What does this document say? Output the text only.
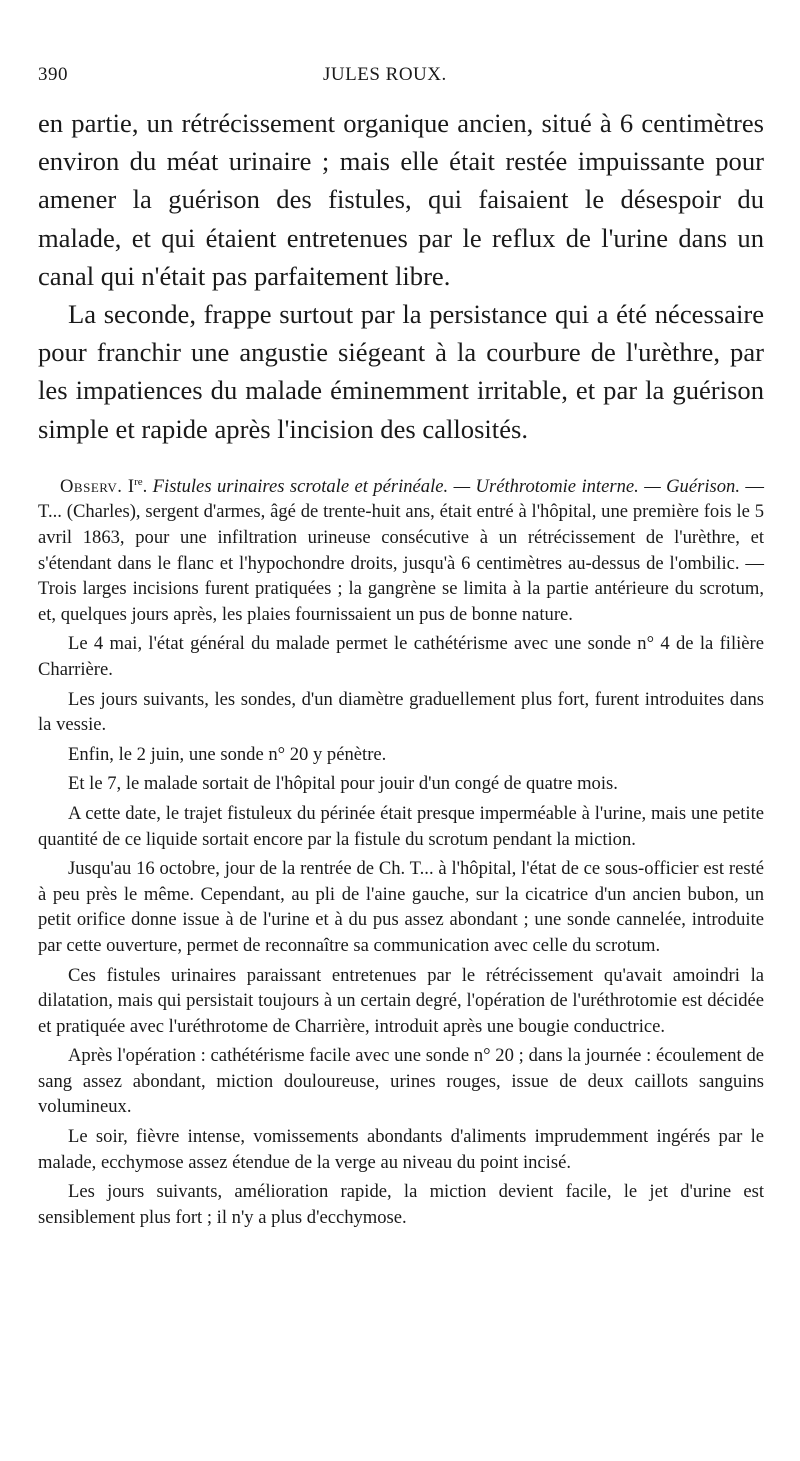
390	JULES ROUX.

en partie, un rétrécissement organique ancien, situé à 6 centimètres environ du méat urinaire ; mais elle était restée impuissante pour amener la guérison des fistules, qui faisaient le désespoir du malade, et qui étaient entretenues par le reflux de l'urine dans un canal qui n'était pas parfaitement libre.

La seconde, frappe surtout par la persistance qui a été nécessaire pour franchir une angustie siégeant à la courbure de l'urèthre, par les impatiences du malade éminemment irritable, et par la guérison simple et rapide après l'incision des callosités.

Observ. Ire. Fistules urinaires scrotale et périnéale. — Uréthrotomie interne. — Guérison. — T... (Charles), sergent d'armes, âgé de trente-huit ans, était entré à l'hôpital, une première fois le 5 avril 1863, pour une infiltration urineuse consécutive à un rétrécissement de l'urèthre, et s'étendant dans le flanc et l'hypochondre droits, jusqu'à 6 centimètres au-dessus de l'ombilic. — Trois larges incisions furent pratiquées ; la gangrène se limita à la partie antérieure du scrotum, et, quelques jours après, les plaies fournissaient un pus de bonne nature.

Le 4 mai, l'état général du malade permet le cathétérisme avec une sonde n° 4 de la filière Charrière.

Les jours suivants, les sondes, d'un diamètre graduellement plus fort, furent introduites dans la vessie.

Enfin, le 2 juin, une sonde n° 20 y pénètre.

Et le 7, le malade sortait de l'hôpital pour jouir d'un congé de quatre mois.

A cette date, le trajet fistuleux du périnée était presque imperméable à l'urine, mais une petite quantité de ce liquide sortait encore par la fistule du scrotum pendant la miction.

Jusqu'au 16 octobre, jour de la rentrée de Ch. T... à l'hôpital, l'état de ce sous-officier est resté à peu près le même. Cependant, au pli de l'aine gauche, sur la cicatrice d'un ancien bubon, un petit orifice donne issue à de l'urine et à du pus assez abondant ; une sonde cannelée, introduite par cette ouverture, permet de reconnaître sa communication avec celle du scrotum.

Ces fistules urinaires paraissant entretenues par le rétrécissement qu'avait amoindri la dilatation, mais qui persistait toujours à un certain degré, l'opération de l'uréthrotomie est décidée et pratiquée avec l'uréthrotome de Charrière, introduit après une bougie conductrice.

Après l'opération : cathétérisme facile avec une sonde n° 20 ; dans la journée : écoulement de sang assez abondant, miction douloureuse, urines rouges, issue de deux caillots sanguins volumineux.

Le soir, fièvre intense, vomissements abondants d'aliments imprudemment ingérés par le malade, ecchymose assez étendue de la verge au niveau du point incisé.

Les jours suivants, amélioration rapide, la miction devient facile, le jet d'urine est sensiblement plus fort ; il n'y a plus d'ecchymose.
